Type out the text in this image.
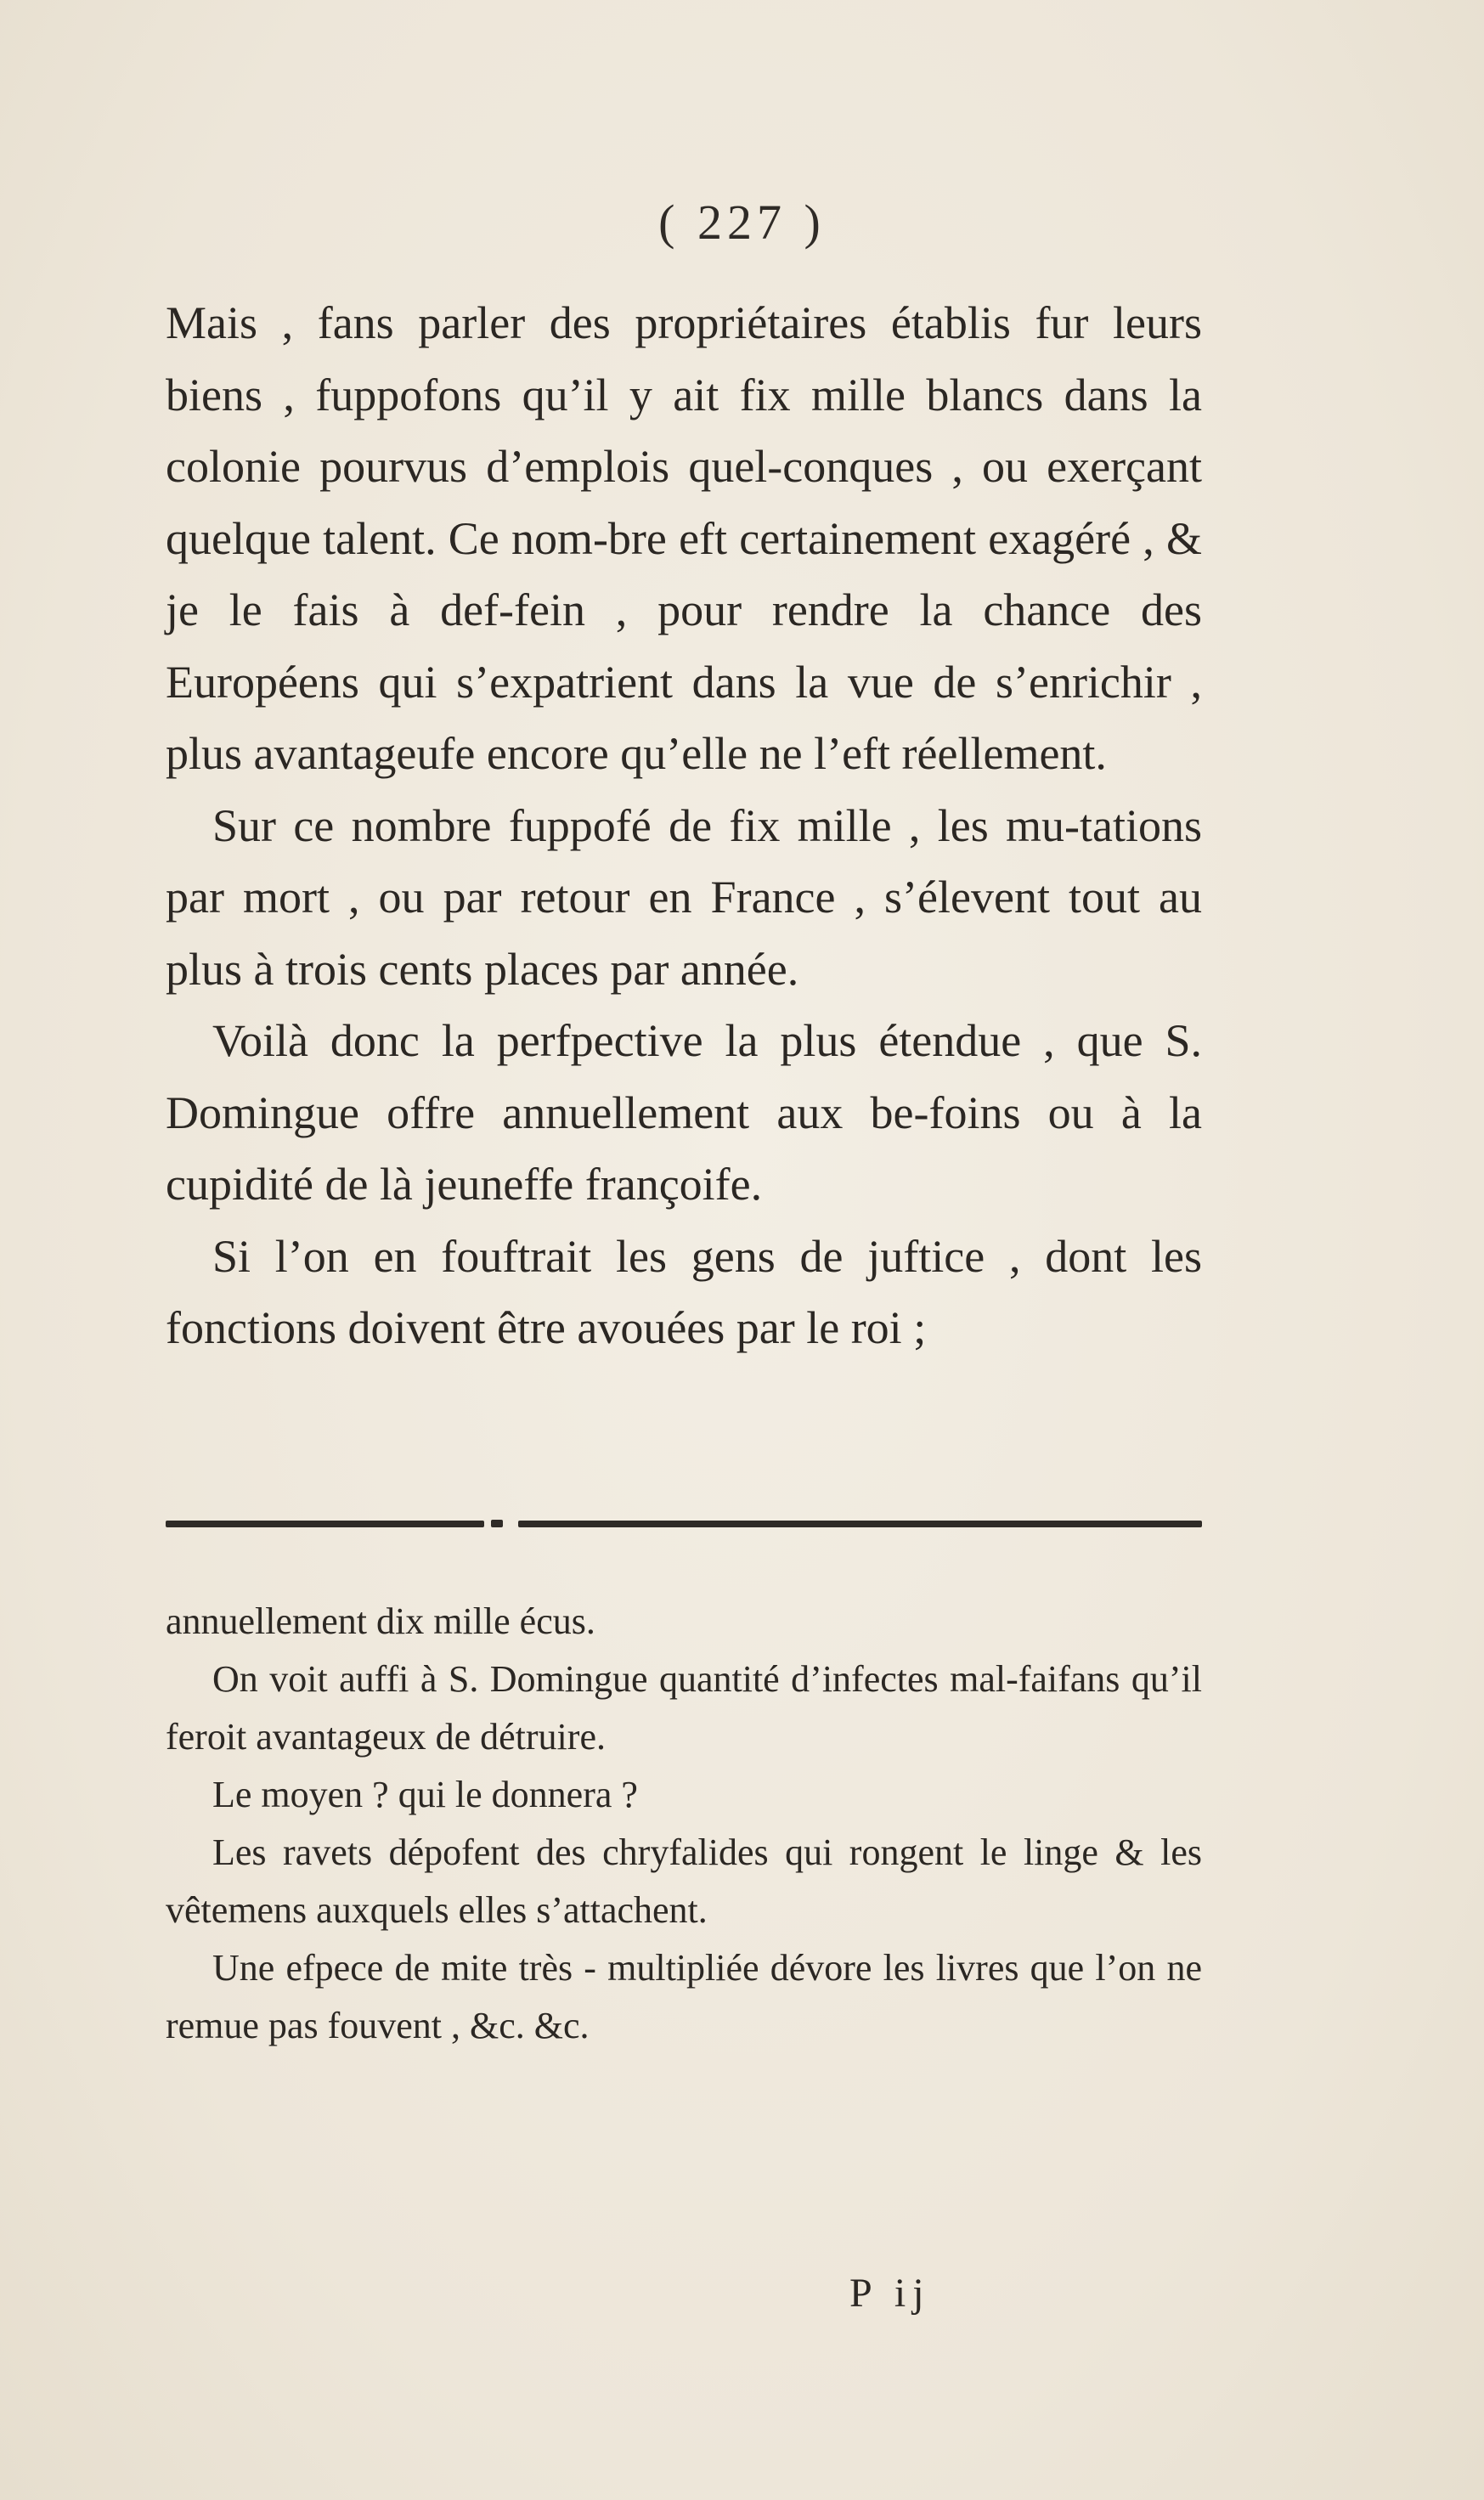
( 227 )

Mais , fans parler des propriétaires établis fur leurs biens , fuppofons qu’il y ait fix mille blancs dans la colonie pourvus d’emplois quel-conques , ou exerçant quelque talent. Ce nom-bre eft certainement exagéré , & je le fais à def-fein , pour rendre la chance des Européens qui s’expatrient dans la vue de s’enrichir , plus avantageufe encore qu’elle ne l’eft réellement.

Sur ce nombre fuppofé de fix mille , les mu-tations par mort , ou par retour en France , s’élevent tout au plus à trois cents places par année.

Voilà donc la perfpective la plus étendue , que S. Domingue offre annuellement aux be-foins ou à la cupidité de là jeuneffe françoife.

Si l’on en fouftrait les gens de juftice , dont les fonctions doivent être avouées par le roi ;

annuellement dix mille écus.

On voit auffi à S. Domingue quantité d’infectes mal-faifans qu’il feroit avantageux de détruire.

Le moyen ? qui le donnera ?

Les ravets dépofent des chryfalides qui rongent le linge & les vêtemens auxquels elles s’attachent.

Une efpece de mite très - multipliée dévore les livres que l’on ne remue pas fouvent , &c. &c.

P ij
